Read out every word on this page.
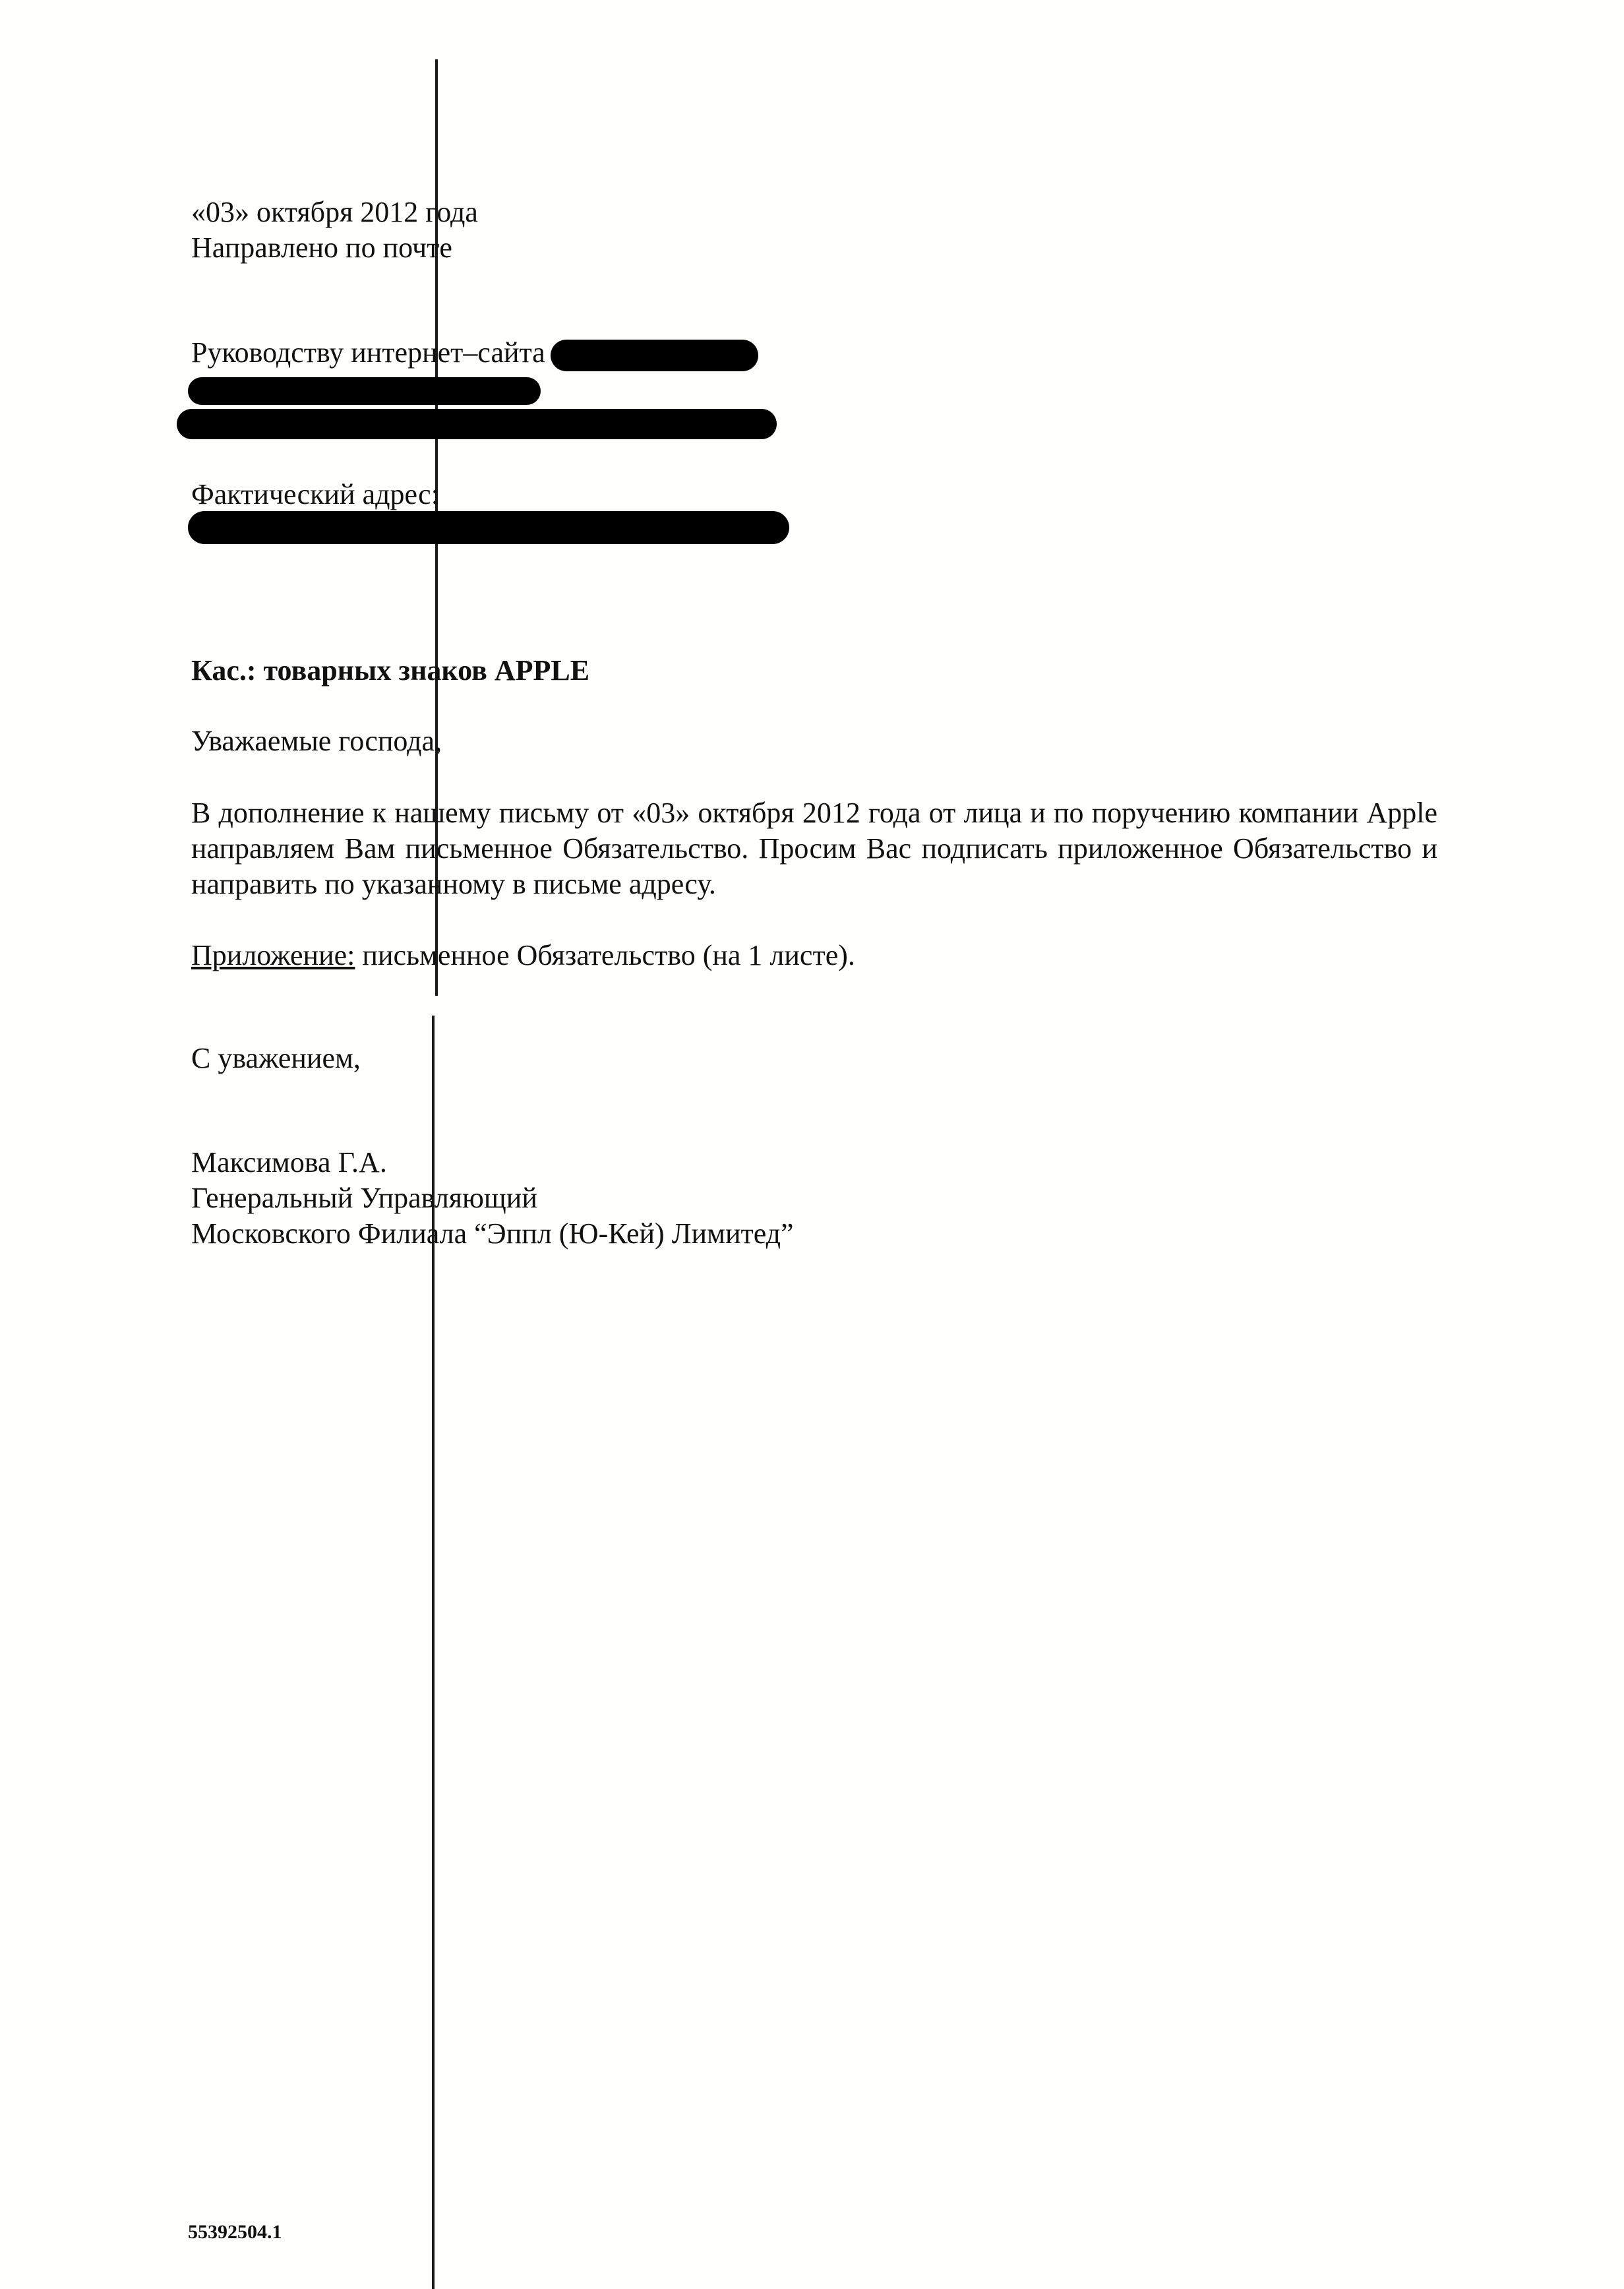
«03» октября 2012 года
Направлено по почте
Руководству интернет–сайта
Фактический адрес:
Кас.: товарных знаков APPLE
Уважаемые господа,
В дополнение к нашему письму от «03» октября 2012 года от лица и по поручению компании Apple направляем Вам письменное Обязательство. Просим Вас подписать приложенное Обязательство и направить по указанному в письме адресу.
Приложение: письменное Обязательство (на 1 листе).
С уважением,
Максимова Г.А.
Генеральный Управляющий
Московского Филиала “Эппл (Ю-Кей) Лимитед”
55392504.1
